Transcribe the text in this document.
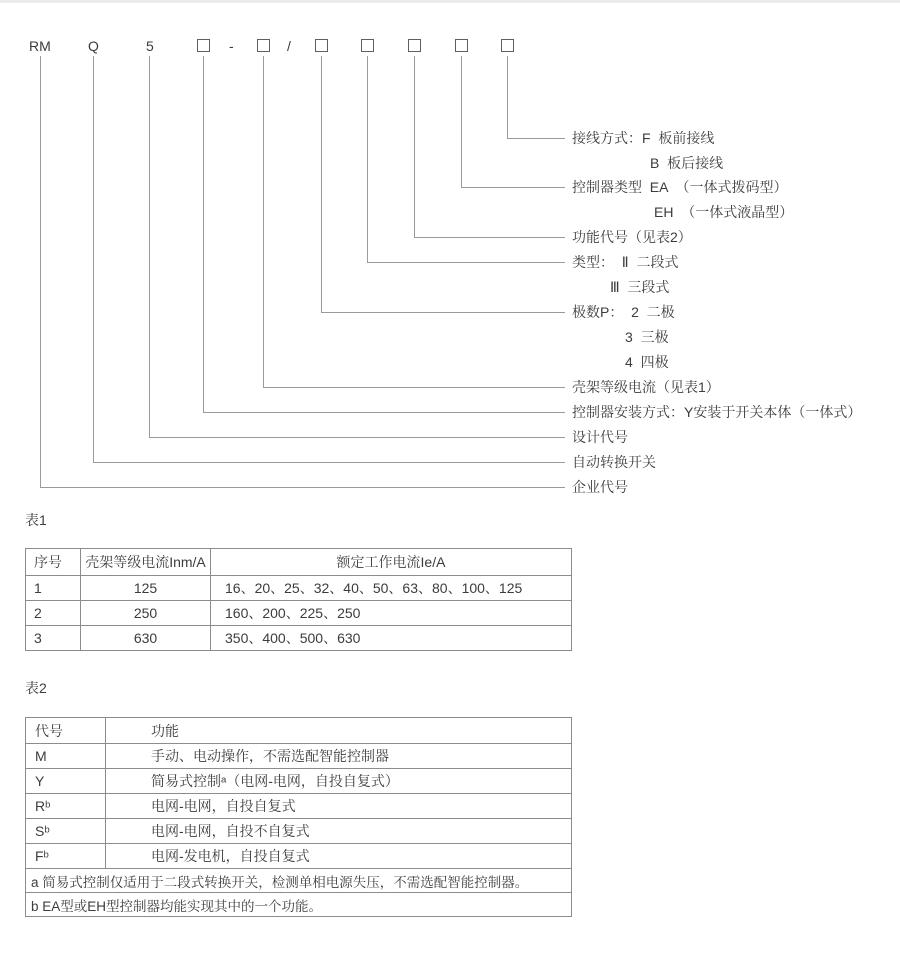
RM	Q	5	-	/
接线方式：F  板前接线
B  板后接线
控制器类型  EA  （一体式拨码型）
EH  （一体式液晶型）
功能代号（见表2）
类型：  Ⅱ  二段式
Ⅲ  三段式
极数P：  2  二极
3  三极
4  四极
壳架等级电流（见表1）
控制器安装方式：Y安装于开关本体（一体式）
设计代号
自动转换开关
企业代号
表1
序号	壳架等级电流Inm/A	额定工作电流Ie/A
1	125	16、20、25、32、40、50、63、80、100、125
2	250	160、200、225、250
3	630	350、400、500、630
表2
代号	功能
M	手动、电动操作，不需选配智能控制器
Y	简易式控制ᵃ（电网-电网，自投自复式）
Rᵇ	电网-电网，自投自复式
Sᵇ	电网-电网，自投不自复式
Fᵇ	电网-发电机，自投自复式
a 简易式控制仅适用于二段式转换开关，检测单相电源失压，不需选配智能控制器。	
b EA型或EH型控制器均能实现其中的一个功能。	
